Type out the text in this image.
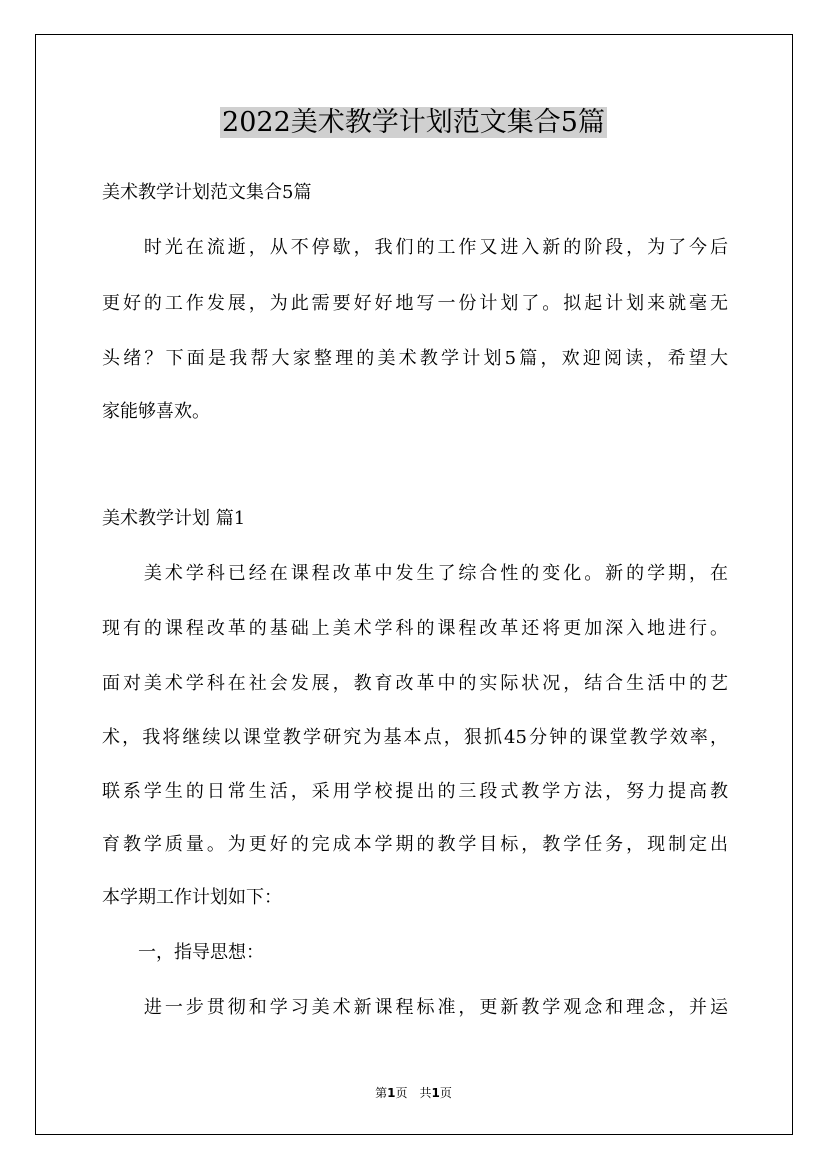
2022美术教学计划范文集合5篇
美术教学计划范文集合5篇
　　时光在流逝，从不停歇，我们的工作又进入新的阶段，为了今后
更好的工作发展，为此需要好好地写一份计划了。拟起计划来就毫无
头绪？下面是我帮大家整理的美术教学计划5篇，欢迎阅读，希望大
家能够喜欢。
美术教学计划 篇1
　　美术学科已经在课程改革中发生了综合性的变化。新的学期，在
现有的课程改革的基础上美术学科的课程改革还将更加深入地进行。
面对美术学科在社会发展，教育改革中的实际状况，结合生活中的艺
术，我将继续以课堂教学研究为基本点，狠抓45分钟的课堂教学效率，
联系学生的日常生活，采用学校提出的三段式教学方法，努力提高教
育教学质量。为更好的完成本学期的教学目标，教学任务，现制定出
本学期工作计划如下：
　　一，指导思想：
　　进一步贯彻和学习美术新课程标准，更新教学观念和理念，并运
第1页　共1页
